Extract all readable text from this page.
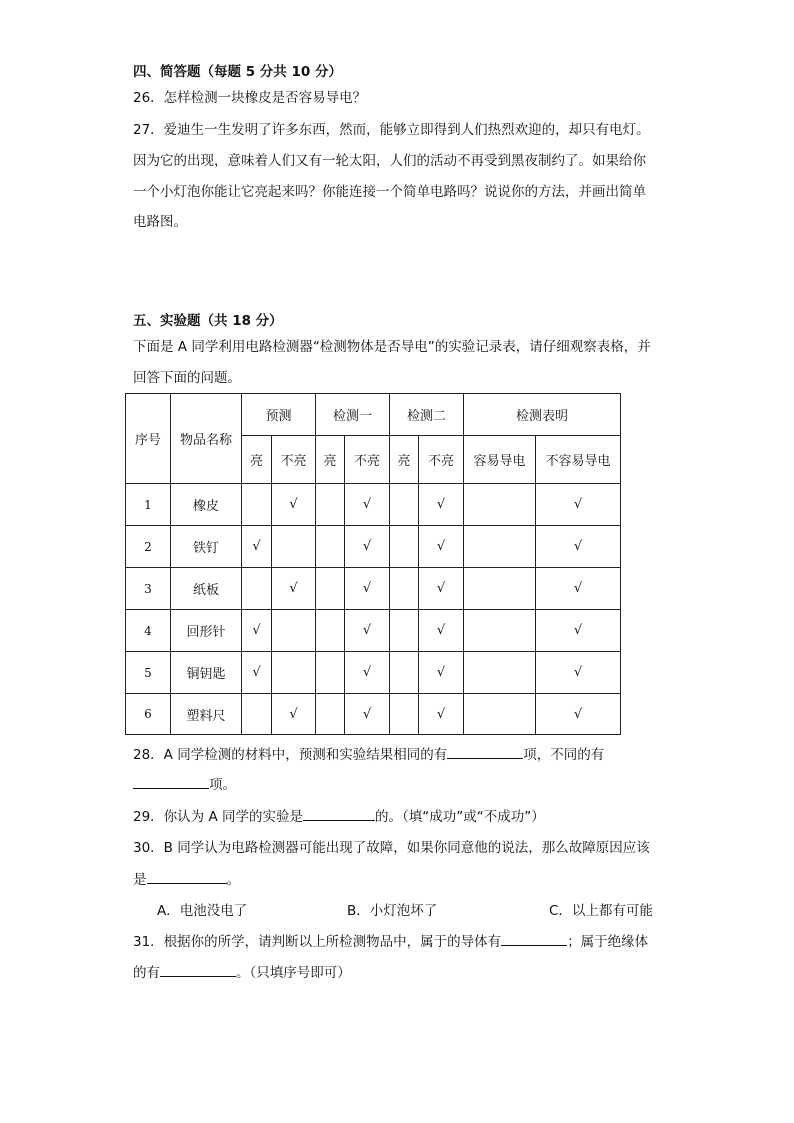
四、简答题（每题 5 分共 10 分）
26．怎样检测一块橡皮是否容易导电？
27．爱迪生一生发明了许多东西，然而，能够立即得到人们热烈欢迎的，却只有电灯。
因为它的出现，意味着人们又有一轮太阳，人们的活动不再受到黑夜制约了。如果给你
一个小灯泡你能让它亮起来吗？你能连接一个简单电路吗？说说你的方法，并画出简单
电路图。
五、实验题（共 18 分）
下面是 A 同学利用电路检测器“检测物体是否导电”的实验记录表，请仔细观察表格，并
回答下面的问题。
序号	物品名称	预测		检测一		检测二		检测表明	
		亮	不亮	亮	不亮	亮	不亮	容易导电	不容易导电
1	橡皮		√		√		√		√
2	铁钉	√			√		√		√
3	纸板		√		√		√		√
4	回形针	√			√		√		√
5	铜钥匙	√			√		√		√
6	塑料尺		√		√		√		√
28．A 同学检测的材料中，预测和实验结果相同的有	项，不同的有
项。
29．你认为 A 同学的实验是	的。（填“成功”或“不成功”）
30．B 同学认为电路检测器可能出现了故障，如果你同意他的说法，那么故障原因应该
是	。
A．电池没电了	B．小灯泡坏了	C．以上都有可能
31．根据你的所学，请判断以上所检测物品中，属于的导体有	；属于绝缘体
的有	。（只填序号即可）
